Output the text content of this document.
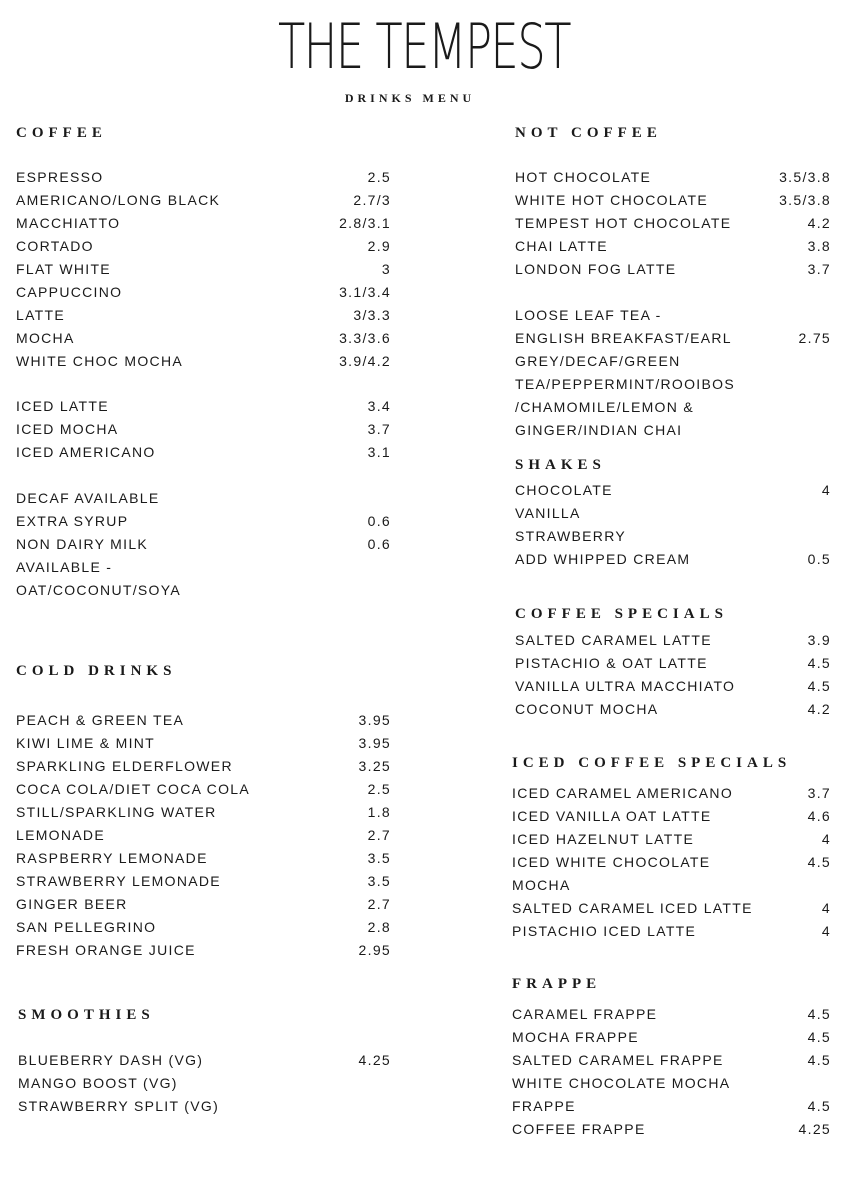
THE TEMPEST
DRINKS MENU
COFFEE
ESPRESSO	2.5
AMERICANO/LONG BLACK	2.7/3
MACCHIATTO	2.8/3.1
CORTADO	2.9
FLAT WHITE	3
CAPPUCCINO	3.1/3.4
LATTE	3/3.3
MOCHA	3.3/3.6
WHITE CHOC MOCHA	3.9/4.2
ICED LATTE	3.4
ICED MOCHA	3.7
ICED AMERICANO	3.1
DECAF AVAILABLE
EXTRA SYRUP	0.6
NON DAIRY MILK	0.6
AVAILABLE -
OAT/COCONUT/SOYA
COLD DRINKS
PEACH & GREEN TEA	3.95
KIWI LIME & MINT	3.95
SPARKLING ELDERFLOWER	3.25
COCA COLA/DIET COCA COLA	2.5
STILL/SPARKLING WATER	1.8
LEMONADE	2.7
RASPBERRY LEMONADE	3.5
STRAWBERRY LEMONADE	3.5
GINGER BEER	2.7
SAN PELLEGRINO	2.8
FRESH ORANGE JUICE	2.95
SMOOTHIES
BLUEBERRY DASH (VG)	4.25
MANGO BOOST (VG)
STRAWBERRY SPLIT (VG)
NOT COFFEE
HOT CHOCOLATE	3.5/3.8
WHITE HOT CHOCOLATE	3.5/3.8
TEMPEST HOT CHOCOLATE	4.2
CHAI LATTE	3.8
LONDON FOG LATTE	3.7
LOOSE LEAF TEA -
ENGLISH BREAKFAST/EARL	2.75
GREY/DECAF/GREEN
TEA/PEPPERMINT/ROOIBOS
/CHAMOMILE/LEMON &
GINGER/INDIAN CHAI
SHAKES
CHOCOLATE	4
VANILLA
STRAWBERRY
ADD WHIPPED CREAM	0.5
COFFEE SPECIALS
SALTED CARAMEL LATTE	3.9
PISTACHIO & OAT LATTE	4.5
VANILLA ULTRA MACCHIATO	4.5
COCONUT MOCHA	4.2
ICED COFFEE SPECIALS
ICED CARAMEL AMERICANO	3.7
ICED VANILLA OAT LATTE	4.6
ICED HAZELNUT LATTE	4
ICED WHITE CHOCOLATE	4.5
MOCHA
SALTED CARAMEL ICED LATTE	4
PISTACHIO ICED LATTE	4
FRAPPE
CARAMEL FRAPPE	4.5
MOCHA FRAPPE	4.5
SALTED CARAMEL FRAPPE	4.5
WHITE CHOCOLATE MOCHA
FRAPPE	4.5
COFFEE FRAPPE	4.25
